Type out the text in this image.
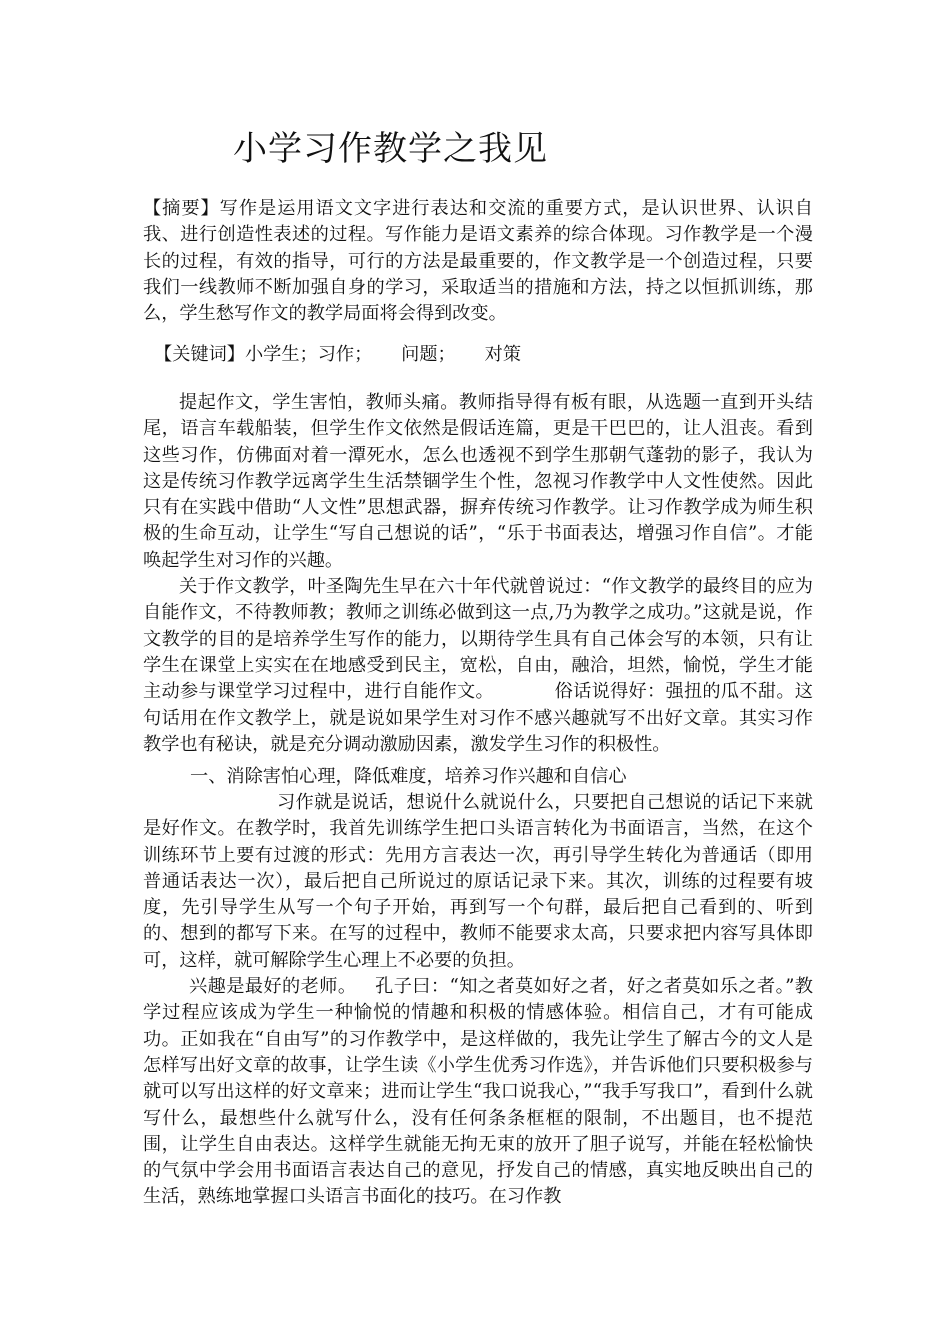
小学习作教学之我见

【摘要】写作是运用语文文字进行表达和交流的重要方式，是认识世界、认识自我、进行创造性表述的过程。写作能力是语文素养的综合体现。习作教学是一个漫长的过程，有效的指导，可行的方法是最重要的，作文教学是一个创造过程，只要我们一线教师不断加强自身的学习，采取适当的措施和方法，持之以恒抓训练，那么，学生愁写作文的教学局面将会得到改变。

【关键词】小学生；习作；     问题；     对策

提起作文，学生害怕，教师头痛。教师指导得有板有眼，从选题一直到开头结尾，语言车载船装，但学生作文依然是假话连篇，更是干巴巴的，让人沮丧。看到这些习作，仿佛面对着一潭死水，怎么也透视不到学生那朝气蓬勃的影子，我认为这是传统习作教学远离学生生活禁锢学生个性，忽视习作教学中人文性使然。因此只有在实践中借助“人文性”思想武器，摒弃传统习作教学。让习作教学成为师生积极的生命互动，让学生“写自己想说的话”，“乐于书面表达，增强习作自信”。才能唤起学生对习作的兴趣。

关于作文教学，叶圣陶先生早在六十年代就曾说过：“作文教学的最终目的应为自能作文，不待教师教；教师之训练必做到这一点,乃为教学之成功。”这就是说，作文教学的目的是培养学生写作的能力，以期待学生具有自己体会写的本领，只有让学生在课堂上实实在在地感受到民主，宽松，自由，融洽，坦然，愉悦，学生才能主动参与课堂学习过程中，进行自能作文。          俗话说得好：强扭的瓜不甜。这句话用在作文教学上，就是说如果学生对习作不感兴趣就写不出好文章。其实习作教学也有秘诀，就是充分调动激励因素，激发学生习作的积极性。

一、消除害怕心理，降低难度，培养习作兴趣和自信心

习作就是说话，想说什么就说什么，只要把自己想说的话记下来就是好作文。在教学时，我首先训练学生把口头语言转化为书面语言，当然，在这个训练环节上要有过渡的形式：先用方言表达一次，再引导学生转化为普通话（即用普通话表达一次），最后把自己所说过的原话记录下来。其次，训练的过程要有坡度，先引导学生从写一个句子开始，再到写一个句群，最后把自己看到的、听到的、想到的都写下来。在写的过程中，教师不能要求太高，只要求把内容写具体即可，这样，就可解除学生心理上不必要的负担。

兴趣是最好的老师。   孔子曰：“知之者莫如好之者，好之者莫如乐之者。”教学过程应该成为学生一种愉悦的情趣和积极的情感体验。相信自己，才有可能成功。正如我在“自由写”的习作教学中，是这样做的，我先让学生了解古今的文人是怎样写出好文章的故事，让学生读《小学生优秀习作选》，并告诉他们只要积极参与就可以写出这样的好文章来；进而让学生“我口说我心，”“我手写我口”，看到什么就写什么，最想些什么就写什么，没有任何条条框框的限制，不出题目，也不提范围，让学生自由表达。这样学生就能无拘无束的放开了胆子说写，并能在轻松愉快的气氛中学会用书面语言表达自己的意见，抒发自己的情感，真实地反映出自己的生活，熟练地掌握口头语言书面化的技巧。在习作教
